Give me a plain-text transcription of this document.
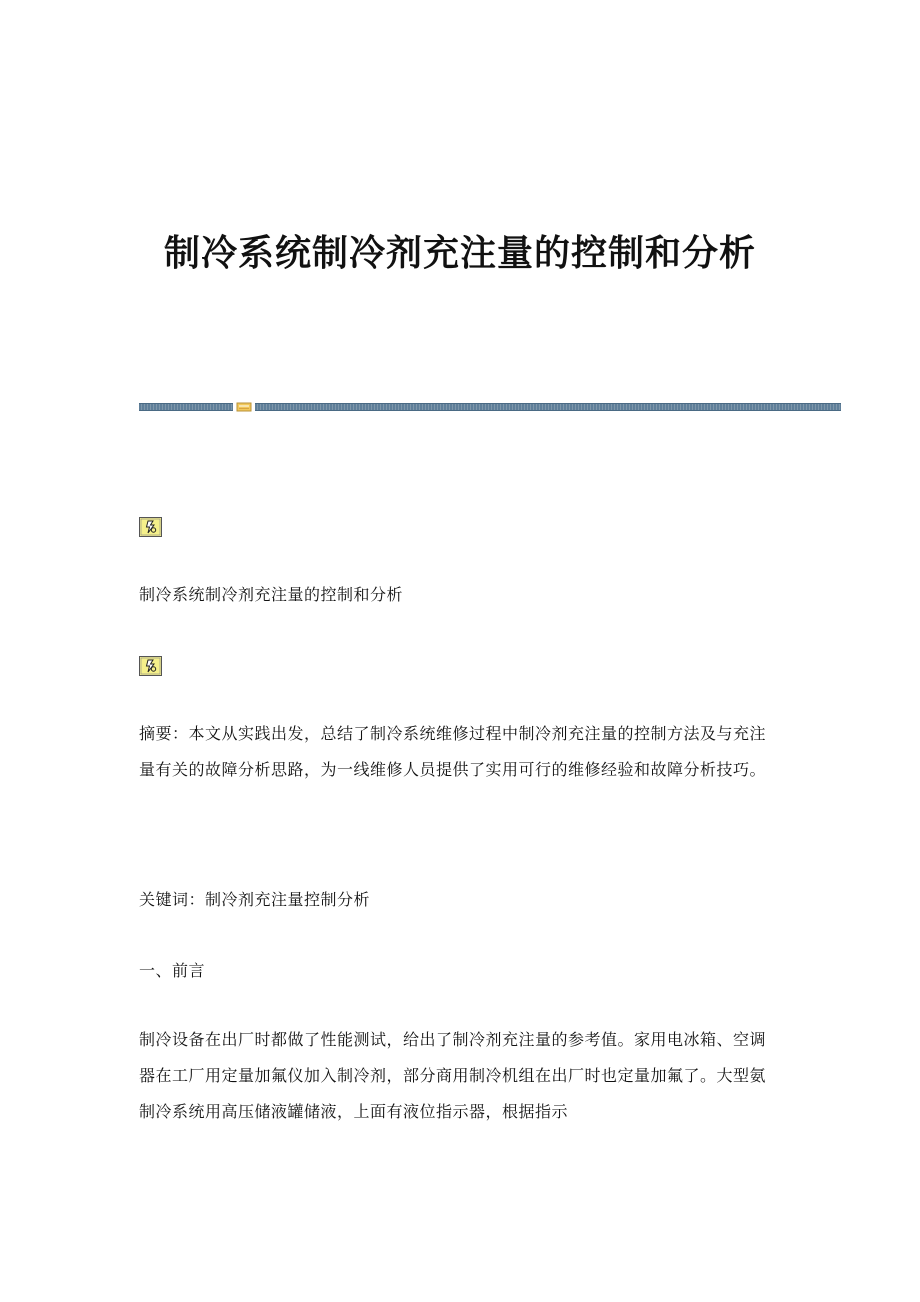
制冷系统制冷剂充注量的控制和分析

制冷系统制冷剂充注量的控制和分析

摘要：本文从实践出发，总结了制冷系统维修过程中制冷剂充注量的控制方法及与充注量有关的故障分析思路，为一线维修人员提供了实用可行的维修经验和故障分析技巧。

关键词：制冷剂充注量控制分析

一、前言

制冷设备在出厂时都做了性能测试，给出了制冷剂充注量的参考值。家用电冰箱、空调器在工厂用定量加氟仪加入制冷剂，部分商用制冷机组在出厂时也定量加氟了。大型氨制冷系统用高压储液罐储液，上面有液位指示器，根据指示
